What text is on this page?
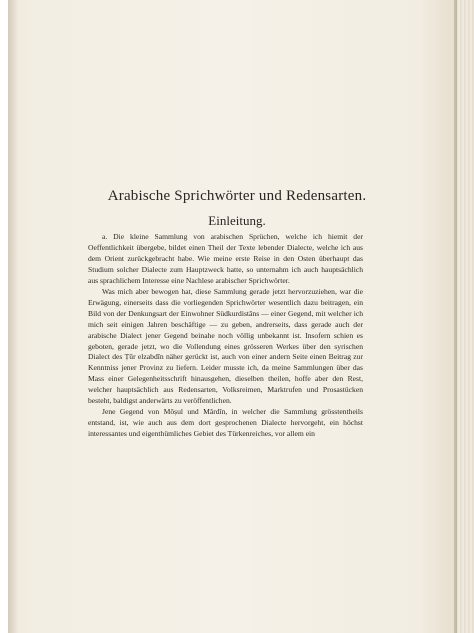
Arabische Sprichwörter und Redensarten.
Einleitung.

a. Die kleine Sammlung von arabischen Sprüchen, welche ich hiemit der Oeffentlichkeit übergebe, bildet einen Theil der Texte lebender Dialecte, welche ich aus dem Orient zurückgebracht habe. Wie meine erste Reise in den Osten überhaupt das Studium solcher Dialecte zum Hauptzweck hatte, so unternahm ich auch hauptsächlich aus sprachlichem Interesse eine Nachlese arabischer Sprichwörter.

Was mich aber bewogen hat, diese Sammlung gerade jetzt hervorzuziehen, war die Erwägung, einerseits dass die vorliegenden Sprichwörter wesentlich dazu beitragen, ein Bild von der Denkungsart der Einwohner Südkurdistāns — einer Gegend, mit welcher ich mich seit einigen Jahren beschäftige — zu geben, andrerseits, dass gerade auch der arabische Dialect jener Gegend beinahe noch völlig unbekannt ist. Insofern schien es geboten, gerade jetzt, wo die Vollendung eines grösseren Werkes über den syrischen Dialect des Ṭūr elzabdīn näher gerückt ist, auch von einer andern Seite einen Beitrag zur Kenntniss jener Provinz zu liefern. Leider musste ich, da meine Sammlungen über das Mass einer Gelegenheitsschrift hinausgehen, dieselben theilen, hoffe aber den Rest, welcher hauptsächlich aus Redensarten, Volksreimen, Marktrufen und Prosastücken besteht, baldigst anderwärts zu veröffentlichen.

Jene Gegend von Môṣul und Mârdîn, in welcher die Sammlung grösstentheils entstand, ist, wie auch aus dem dort gesprochenen Dialecte hervorgeht, ein höchst interessantes und eigenthümliches Gebiet des Türkenreiches, vor allem ein
